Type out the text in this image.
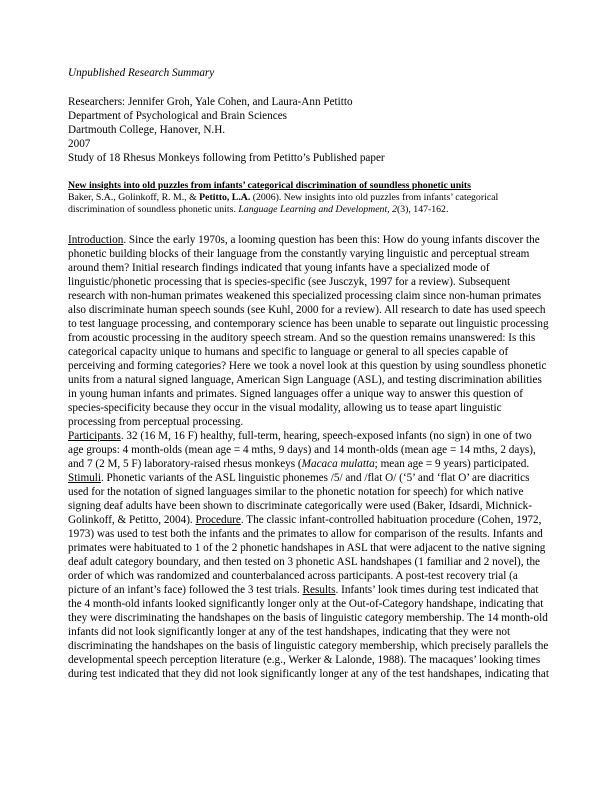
Unpublished Research Summary
Researchers: Jennifer Groh, Yale Cohen, and Laura-Ann Petitto
Department of Psychological and Brain Sciences
Dartmouth College, Hanover, N.H.
2007
Study of 18 Rhesus Monkeys following from Petitto’s Published paper
New insights into old puzzles from infants’ categorical discrimination of soundless phonetic units
Baker, S.A., Golinkoff, R. M., & Petitto, L.A. (2006). New insights into old puzzles from infants’ categorical discrimination of soundless phonetic units. Language Learning and Development, 2(3), 147-162.

Introduction. Since the early 1970s, a looming question has been this: How do young infants discover the phonetic building blocks of their language from the constantly varying linguistic and perceptual stream around them? Initial research findings indicated that young infants have a specialized mode of linguistic/phonetic processing that is species-specific (see Jusczyk, 1997 for a review). Subsequent research with non-human primates weakened this specialized processing claim since non-human primates also discriminate human speech sounds (see Kuhl, 2000 for a review). All research to date has used speech to test language processing, and contemporary science has been unable to separate out linguistic processing from acoustic processing in the auditory speech stream. And so the question remains unanswered: Is this categorical capacity unique to humans and specific to language or general to all species capable of perceiving and forming categories? Here we took a novel look at this question by using soundless phonetic units from a natural signed language, American Sign Language (ASL), and testing discrimination abilities in young human infants and primates. Signed languages offer a unique way to answer this question of species-specificity because they occur in the visual modality, allowing us to tease apart linguistic processing from perceptual processing.

Participants. 32 (16 M, 16 F) healthy, full-term, hearing, speech-exposed infants (no sign) in one of two age groups: 4 month-olds (mean age = 4 mths, 9 days) and 14 month-olds (mean age = 14 mths, 2 days), and 7 (2 M, 5 F) laboratory-raised rhesus monkeys (Macaca mulatta; mean age = 9 years) participated. Stimuli. Phonetic variants of the ASL linguistic phonemes /5/ and /flat O/ (‘5’ and ‘flat O’ are diacritics used for the notation of signed languages similar to the phonetic notation for speech) for which native signing deaf adults have been shown to discriminate categorically were used (Baker, Idsardi, Michnick-Golinkoff, & Petitto, 2004). Procedure. The classic infant-controlled habituation procedure (Cohen, 1972, 1973) was used to test both the infants and the primates to allow for comparison of the results. Infants and primates were habituated to 1 of the 2 phonetic handshapes in ASL that were adjacent to the native signing deaf adult category boundary, and then tested on 3 phonetic ASL handshapes (1 familiar and 2 novel), the order of which was randomized and counterbalanced across participants. A post-test recovery trial (a picture of an infant’s face) followed the 3 test trials. Results. Infants’ look times during test indicated that the 4 month-old infants looked significantly longer only at the Out-of-Category handshape, indicating that they were discriminating the handshapes on the basis of linguistic category membership. The 14 month-old infants did not look significantly longer at any of the test handshapes, indicating that they were not discriminating the handshapes on the basis of linguistic category membership, which precisely parallels the developmental speech perception literature (e.g., Werker & Lalonde, 1988). The macaques’ looking times during test indicated that they did not look significantly longer at any of the test handshapes, indicating that
